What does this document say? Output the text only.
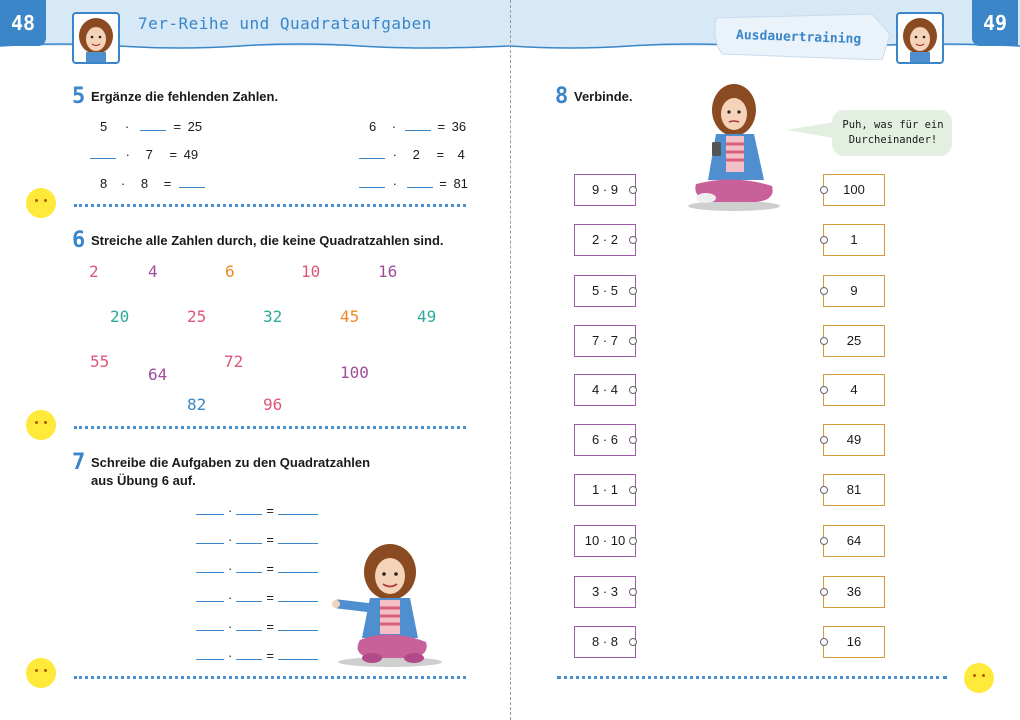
48	49
7er-Reihe und Quadrataufgaben
Ausdauertraining
5 Ergänze die fehlenden Zahlen.
5 ·	= 25
· 7 = 49
8 · 8 =
6 ·	= 36
· 2 = 4
·	= 81
6 Streiche alle Zahlen durch, die keine Quadratzahlen sind.
2	4	6	10	16
20	25	32	45	49
55
64
72
100
82	96
7 Schreibe die Aufgaben zu den Quadratzahlen
aus Übung 6 auf.
·	=
·	=
·	=
·	=
·	=
·	=
8 Verbinde.
Puh, was für ein
Durcheinander!
9 · 9	100
2 · 2	1
5 · 5	9
7 · 7	25
4 · 4	4
6 · 6	49
1 · 1	81
10 · 10	64
3 · 3	36
8 · 8	16
